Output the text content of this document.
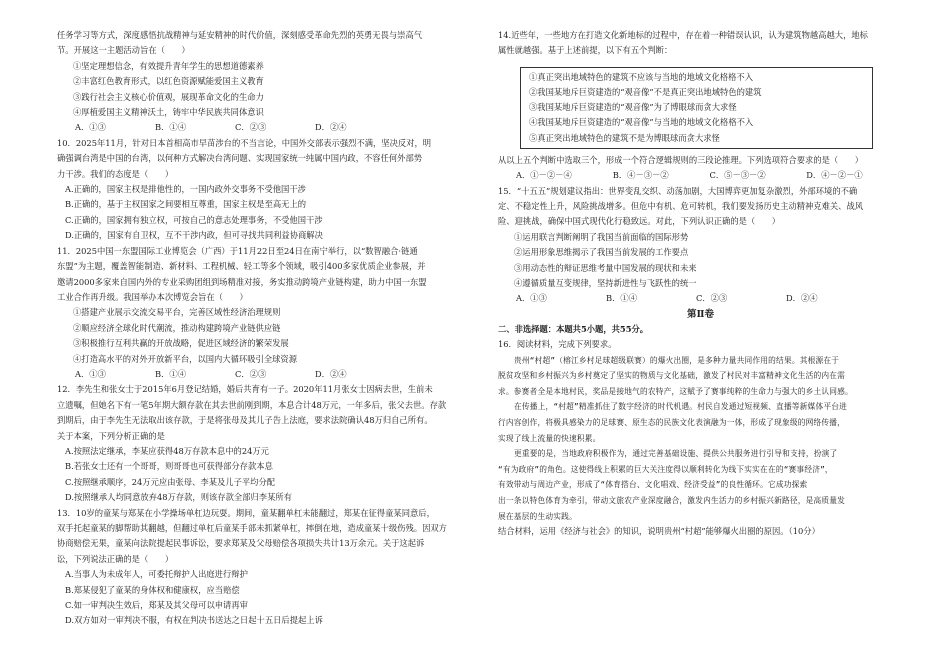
任务学习等方式，深度感悟抗战精神与延安精神的时代价值，深刻感受革命先烈的英勇无畏与崇高气

节。开展这一主题活动旨在（　　）

①坚定理想信念，有效提升青年学生的思想道德素养

②丰富红色教育形式，以红色资源赋能爱国主义教育

③践行社会主义核心价值观，展现革命文化的生命力

④厚植爱国主义精神沃土，铸牢中华民族共同体意识

A．①③	B．①④	C．②③	D．②④

10．2025年11月，针对日本首相高市早苗涉台的不当言论，中国外交部表示强烈不满，坚决反对，明

确强调台湾是中国的台湾，以何种方式解决台湾问题、实现国家统一纯属中国内政，不容任何外部势

力干涉。我们的态度是（　　）

A.正确的，国家主权是排他性的，一国内政外交事务不受他国干涉

B.正确的，基于主权国家之间要相互尊重，国家主权是至高无上的

C.正确的，国家拥有独立权，可按自己的意志处理事务，不受他国干涉

D.正确的，国家有自卫权，互不干涉内政，但可寻找共同利益协商解决

11．2025中国一东盟国际工业博览会（广西）于11月22日至24日在南宁举行，以“数智融合·链通

东盟”为主题，覆盖智能制造、新材料、工程机械、轻工等多个领域，吸引400多家优质企业参展，并

邀请2000多家来自国内外的专业采购团组到场精准对接，务实推动跨境产业链构建，助力中国一东盟

工业合作再升级。我国举办本次博览会旨在（　　）

①搭建产业展示交流交易平台，完善区域性经济治理规则

②顺应经济全球化时代潮流，推动构建跨境产业链供应链

③积极推行互利共赢的开放战略，促进区域经济的繁荣发展

④打造高水平的对外开放新平台，以国内大循环吸引全球资源

A．①③	B．①④	C．②③	D．②④

12．李先生和张女士于2015年6月登记结婚，婚后共育有一子。2020年11月张女士因病去世，生前未

立遗嘱，但她名下有一笔5年期大额存款在其去世前刚到期，本息合计48万元，一年多后，张父去世。存款

到期后，由于李先生无法取出该存款，于是将张母及其儿子告上法庭，要求法院确认48万归自己所有。

关于本案，下列分析正确的是

A.按照法定继承，李某应获得48万存款本息中的24万元

B.若张女士还有一个哥哥，则哥哥也可获得部分存款本息

C.按照继承顺序，24万元应由张母、李某及儿子平均分配

D.按照继承人均同意放弃48万存款，则该存款全部归李某所有

13．10岁的童某与郑某在小学操场单杠边玩耍。期间，童某翻单杠未能翻过，郑某在征得童某同意后，

双手托起童某的脚帮助其翻越，但翻过单杠后童某手部未抓紧单杠，摔倒在地，造成童某十级伤残。因双方

协商赔偿无果，童某向法院提起民事诉讼，要求郑某及父母赔偿各项损失共计13万余元。关于这起诉

讼，下列说法正确的是（　　）

A.当事人为未成年人，可委托辩护人出庭进行辩护

B.郑某侵犯了童某的身体权和健康权，应当赔偿

C.如一审判决生效后，郑某及其父母可以申请再审

D.双方如对一审判决不服，有权在判决书送达之日起十五日后提起上诉

14.近些年，一些地方在打造文化新地标的过程中，存在着一种错误认识，认为建筑物越高越大，地标

属性就越强。基于上述前提，以下有五个判断：

①真正突出地域特色的建筑不应该与当地的地域文化格格不入

②我国某地斥巨资建造的“观音像”不是真正突出地域特色的建筑

③我国某地斥巨资建造的“观音像”为了博眼球而贪大求怪

④我国某地斥巨资建造的“观音像”与当地的地域文化格格不入

⑤真正突出地域特色的建筑不是为博眼球而贪大求怪

从以上五个判断中选取三个，形成一个符合逻辑规则的三段论推理。下列选项符合要求的是（　　）

A．①－②－④	B．④－③－②	C．⑤－③－②	D．④－②－①

15．“十五五”规划建议指出：世界变乱交织、动荡加剧，大国博弈更加复杂激烈，外部环境的不确

定、不稳定性上升，风险挑战增多。但危中有机、危可转机，我们要发扬历史主动精神克难关、战风

险、迎挑战，确保中国式现代化行稳致远。对此，下列认识正确的是（　　）

①运用联言判断阐明了我国当前面临的国际形势

②运用形象思维揭示了我国当前发展的工作要点

③用动态性的辩证思维考量中国发展的现状和未来

④遵循质量互变规律，坚持新进性与飞跃性的统一

A．①③	B．①④	C．②③	D．②④

第Ⅱ卷

二、非选择题：本题共5小题，共55分。

16．阅读材料，完成下列要求。

贵州“村超”（榕江乡村足球超级联赛）的爆火出圈，是多种力量共同作用的结果。其根源在于

脱贫攻坚和乡村振兴为乡村奠定了坚实的物质与文化基础，激发了村民对丰富精神文化生活的内在需

求。参赛者全是本地村民，奖品是接地气的农特产，这赋予了赛事纯粹的生命力与强大的乡土认同感。

在传播上，“村超”精准抓住了数字经济的时代机遇。村民自发通过短视频、直播等新媒体平台进

行内容创作，将极具感染力的足球赛、原生态的民族文化表演融为一体，形成了现象级的网络传播，

实现了线上流量的快速积累。

更重要的是，当地政府积极作为，通过完善基础设施、提供公共服务进行引导和支持，扮演了

“有为政府”的角色。这使得线上积累的巨大关注度得以顺利转化为线下实实在在的“赛事经济”，

有效带动与周边产业，形成了“体育搭台、文化唱戏、经济受益”的良性循环。它成功探索

出一条以特色体育为牵引，带动文旅农产业深度融合，激发内生活力的乡村振兴新路径，是高质量发

展在基层的生动实践。

结合材料，运用《经济与社会》的知识，说明贵州“村超”能够爆火出圈的原因。（10分）
